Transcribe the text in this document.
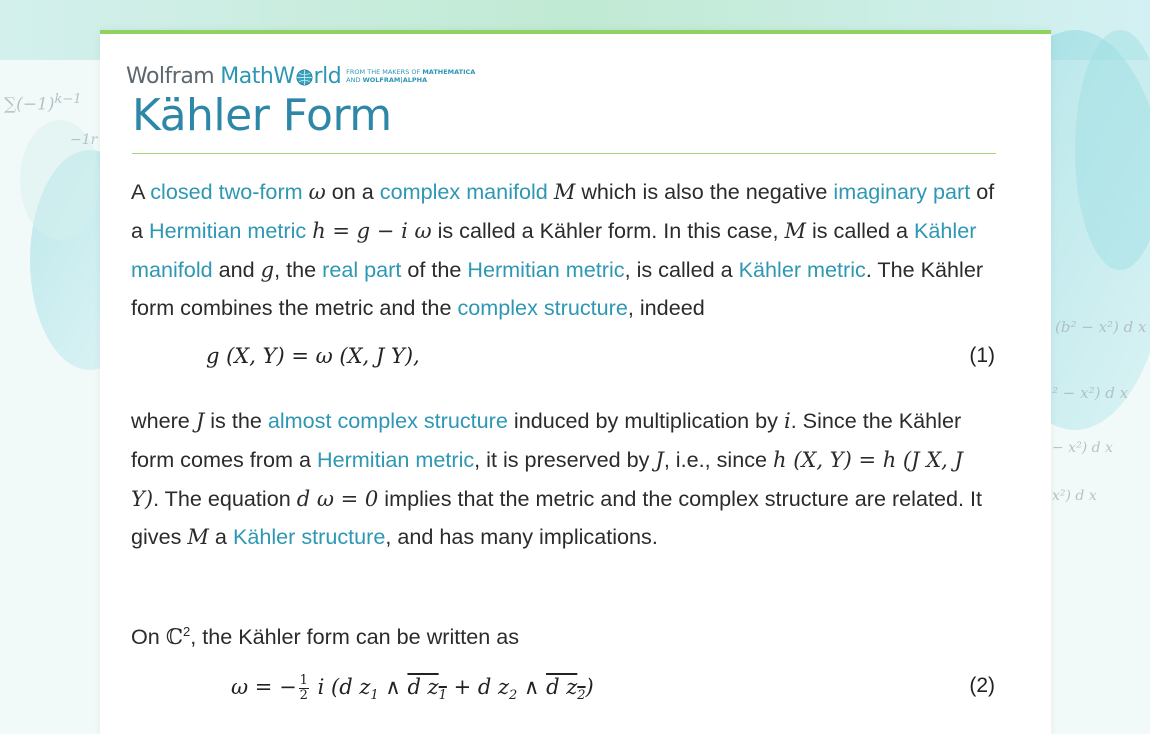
$\sum(-1)^{k-1}$
−1r
(b² − x²) d x
² − x²) d x
− x²) d x
x²) d x
Wolfram MathW rld FROM THE MAKERS OF MATHEMATICA
AND WOLFRAM|ALPHA
Kähler Form
A closed two-form ω on a complex manifold M which is also the negative imaginary part of a Hermitian metric h = g − i ω is called a Kähler form. In this case, M is called a Kähler manifold and g, the real part of the Hermitian metric, is called a Kähler metric. The Kähler form combines the metric and the complex structure, indeed
g (X, Y) = ω (X, J Y),	(1)
where J is the almost complex structure induced by multiplication by i. Since the Kähler form comes from a Hermitian metric, it is preserved by J, i.e., since h (X, Y) = h (J X, J Y). The equation d ω = 0 implies that the metric and the complex structure are related. It gives M a Kähler structure, and has many implications.
On ℂ$^2$, the Kähler form can be written as
ω = − $\frac{1}{2}$ i (d $z_1$ ∧ d $z_1 + d$ $z_2$ ∧ d $z_2$)	(2)
